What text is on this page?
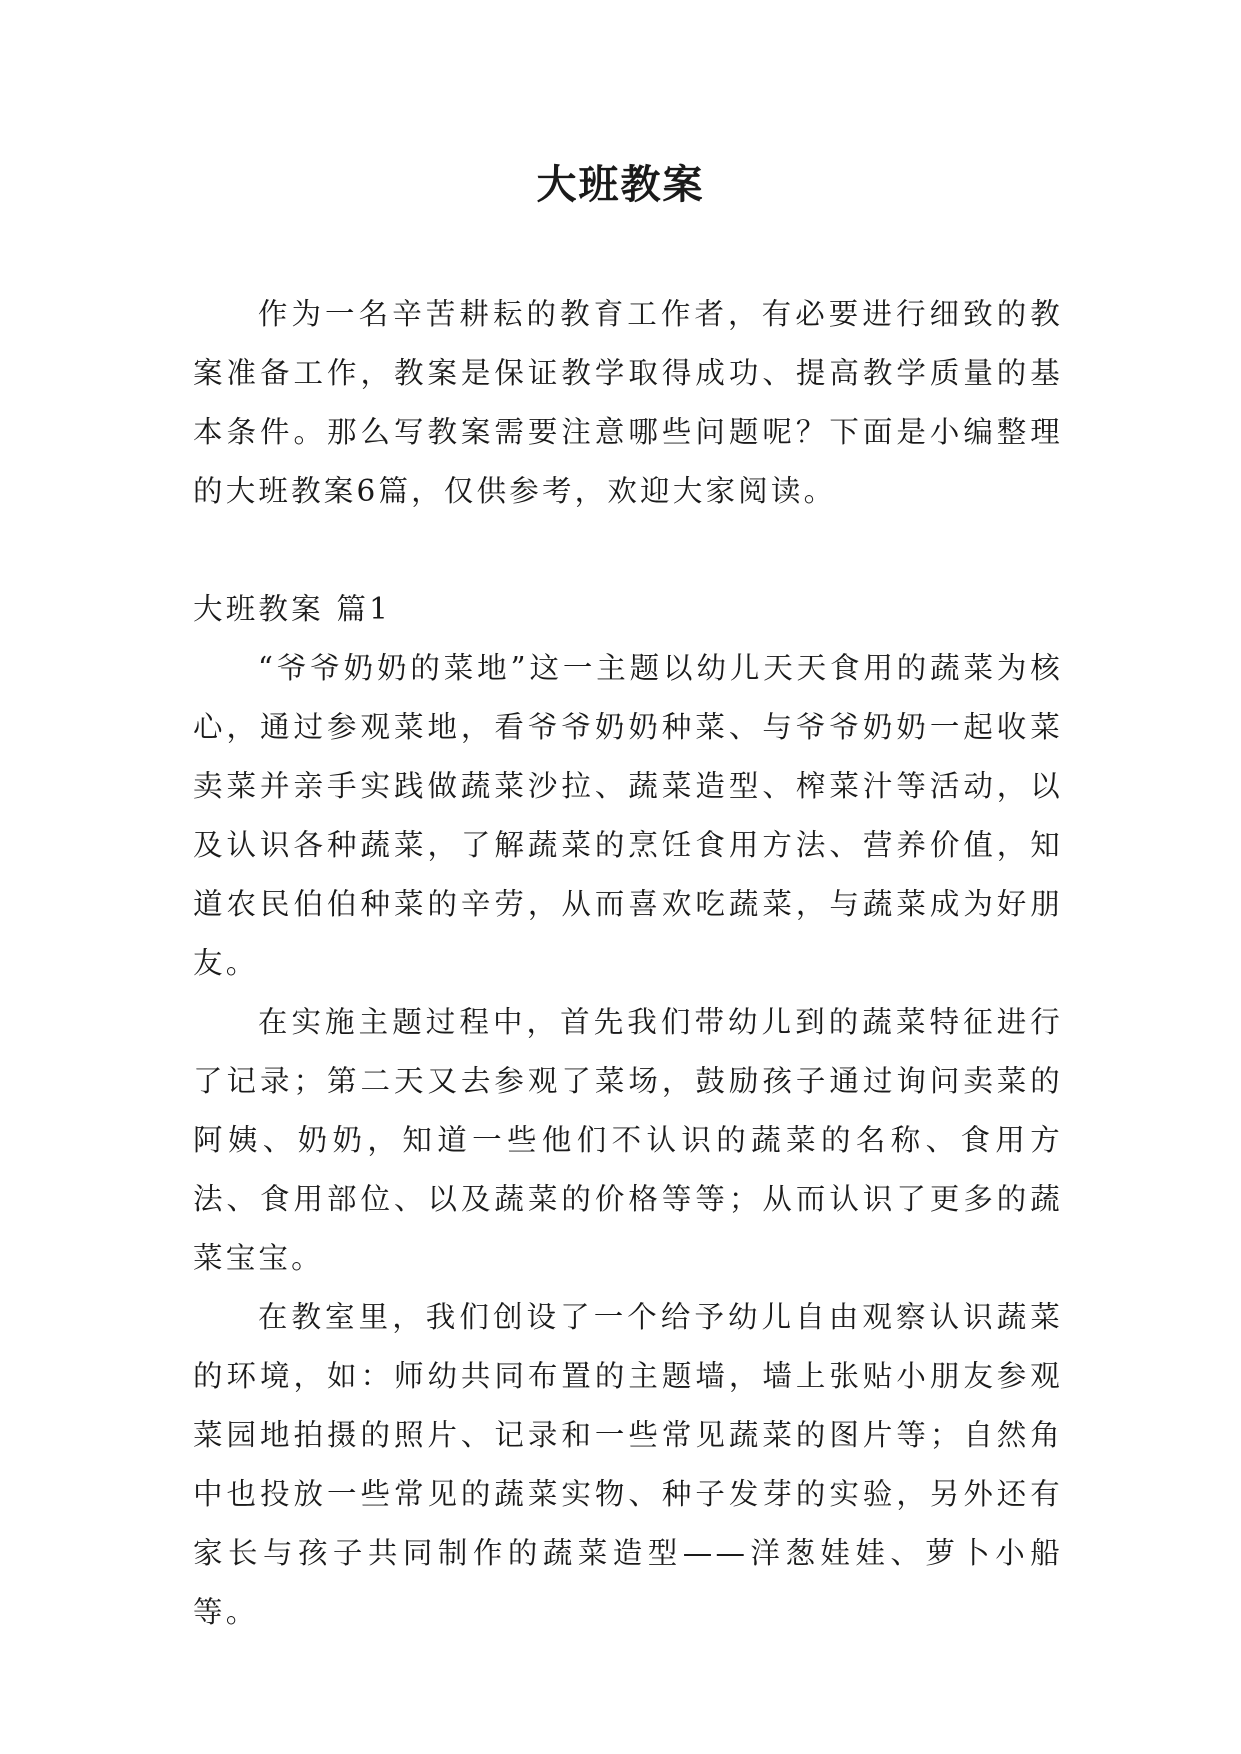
大班教案

作为一名辛苦耕耘的教育工作者，有必要进行细致的教案准备工作，教案是保证教学取得成功、提高教学质量的基本条件。那么写教案需要注意哪些问题呢？下面是小编整理的大班教案6篇，仅供参考，欢迎大家阅读。

大班教案 篇1

“爷爷奶奶的菜地”这一主题以幼儿天天食用的蔬菜为核心，通过参观菜地，看爷爷奶奶种菜、与爷爷奶奶一起收菜卖菜并亲手实践做蔬菜沙拉、蔬菜造型、榨菜汁等活动，以及认识各种蔬菜，了解蔬菜的烹饪食用方法、营养价值，知道农民伯伯种菜的辛劳，从而喜欢吃蔬菜，与蔬菜成为好朋友。

在实施主题过程中，首先我们带幼儿到的蔬菜特征进行了记录；第二天又去参观了菜场，鼓励孩子通过询问卖菜的阿姨、奶奶，知道一些他们不认识的蔬菜的名称、食用方法、食用部位、以及蔬菜的价格等等；从而认识了更多的蔬菜宝宝。

在教室里，我们创设了一个给予幼儿自由观察认识蔬菜的环境，如：师幼共同布置的主题墙，墙上张贴小朋友参观菜园地拍摄的照片、记录和一些常见蔬菜的图片等；自然角中也投放一些常见的蔬菜实物、种子发芽的实验，另外还有家长与孩子共同制作的蔬菜造型——洋葱娃娃、萝卜小船等。
